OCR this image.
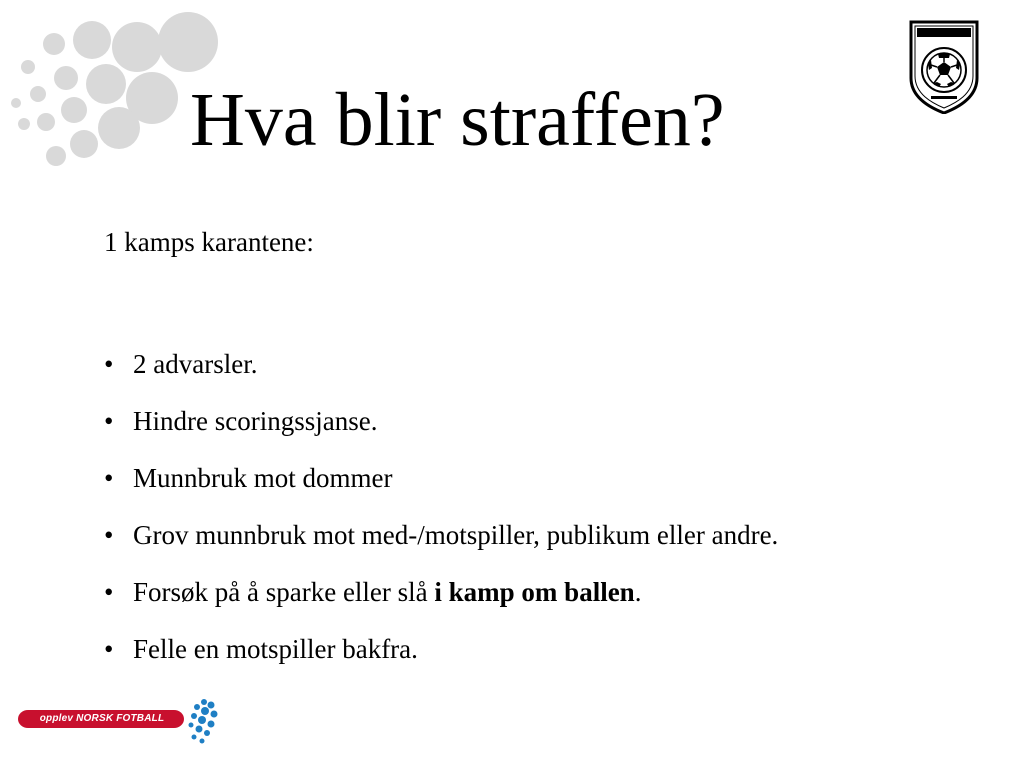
Hva blir straffen?

1 kamps karantene:

• 2 advarsler.
• Hindre scoringssjanse.
• Munnbruk mot dommer
• Grov munnbruk mot med-/motspiller, publikum eller andre.
• Forsøk på å sparke eller slå i kamp om ballen.
• Felle en motspiller bakfra.
opplev NORSK FOTBALL
